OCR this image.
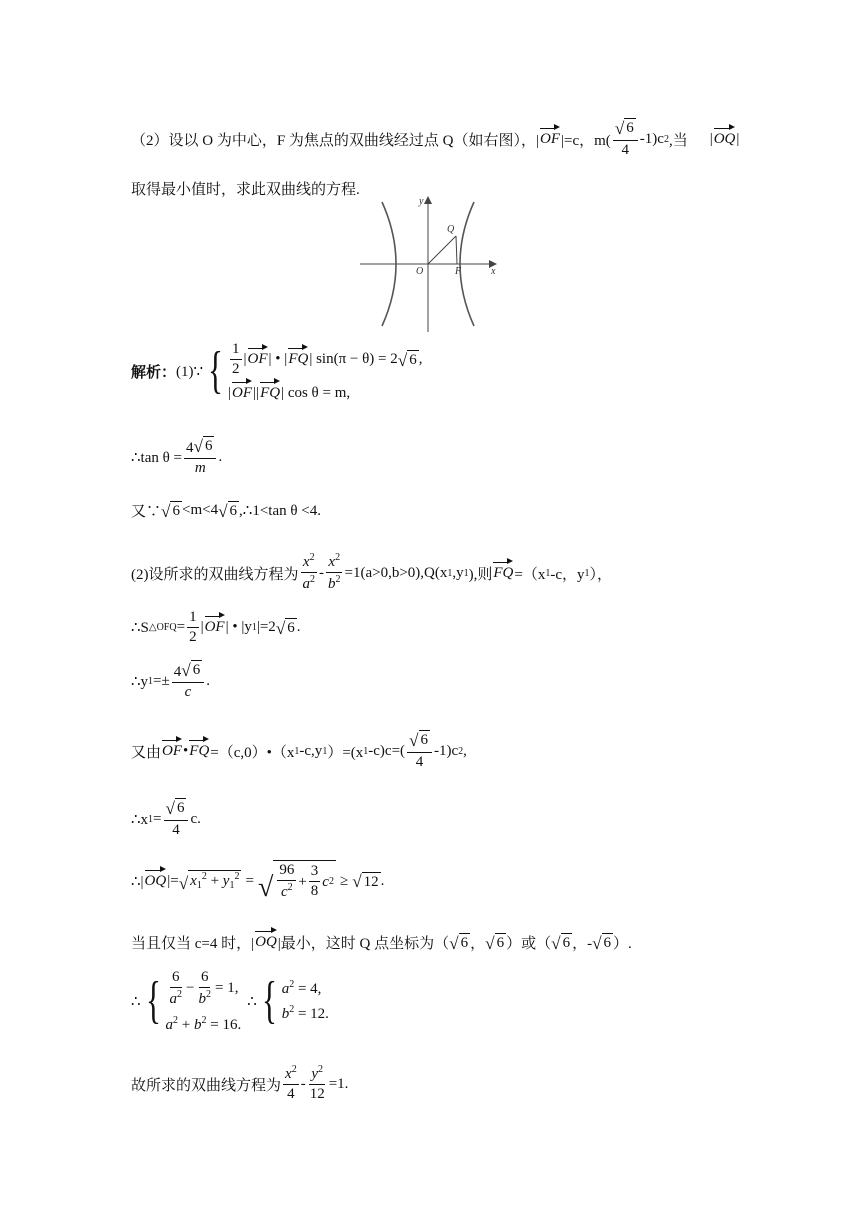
（2）设以 O 为中心，F 为焦点的双曲线经过点 Q（如右图），| OF |=c，$m( \frac{√ 6}{4} -1)c$ 2 ,当 | OQ |
取得最小值时，求此双曲线的方程.
y
x
O	F
Q
解析： (1)∵ { $\frac{1}{2}$ | OF | • | FQ | sin(π − θ) = 2 √ 6 ,
| OF || FQ | cos θ = m,
∴tan $\theta = \frac{4 √ 6}{m}$ .
又∵ √ 6 <m<4 √ 6 ,∴1<tan θ <4.
(2)设所求的双曲线方程为 $\frac{x^2}{a^2} - \frac{x^2}{b^2} =1(a>0,b>0),Q(x$ 1 ,y 1 ),则 FQ =（x 1 -c，y 1 ），
∴S △OFQ = $\frac{1}{2}$ | OF | • |y 1 |=2 √ 6 .
∴y $1 =\pm \frac{4 √ 6}{c}$ .
又由 OF • FQ =（c,0）•（x 1 -c,y 1 ）=(x 1 $-c)c=( \frac{√ 6}{4} -1)c$ 2 ,
∴x $1 = \frac{√ 6}{4} c$.
∴| OQ |= √ $x_1^2 + y_1^2$ = √ $\frac{96}{c^2} + \frac{3}{8}$ c 2 ≥ √ 12 .
当且仅当 c=4 时，| OQ |最小，这时 Q 点坐标为（ √ 6 ， √ 6 ）或（ √ 6 ，- √ 6 ）.
∴ { $\frac{6}{a^2} - \frac{6}{b^2} = 1$,
$a^2 + b^2 = 16$.
∴ { $a^2 = 4$,
$b^2 = 12$.
故所求的双曲线方程为 $\frac{x^2}{4} - \frac{y^2}{12} =1$.
